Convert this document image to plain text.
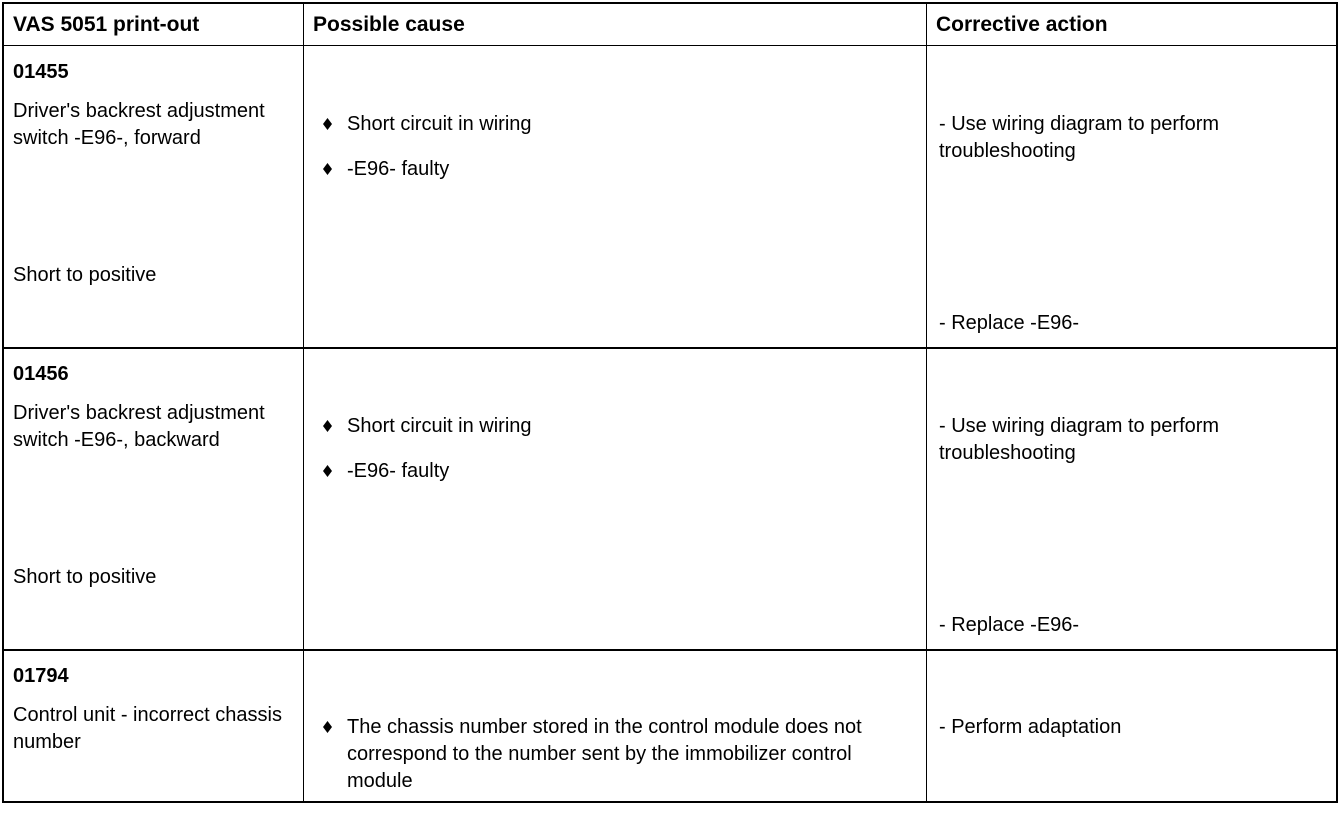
VAS 5051 print-out	Possible cause	Corrective action
01455
Driver's backrest adjustment switch -E96-, forward
Short to positive
Short circuit in wiring
-E96- faulty
- Use wiring diagram to perform troubleshooting
- Replace -E96-
01456
Driver's backrest adjustment switch -E96-, backward
Short to positive
Short circuit in wiring
-E96- faulty
- Use wiring diagram to perform troubleshooting
- Replace -E96-
01794
Control unit - incorrect chassis number
The chassis number stored in the control module does not correspond to the number sent by the immobilizer control module
- Perform adaptation
